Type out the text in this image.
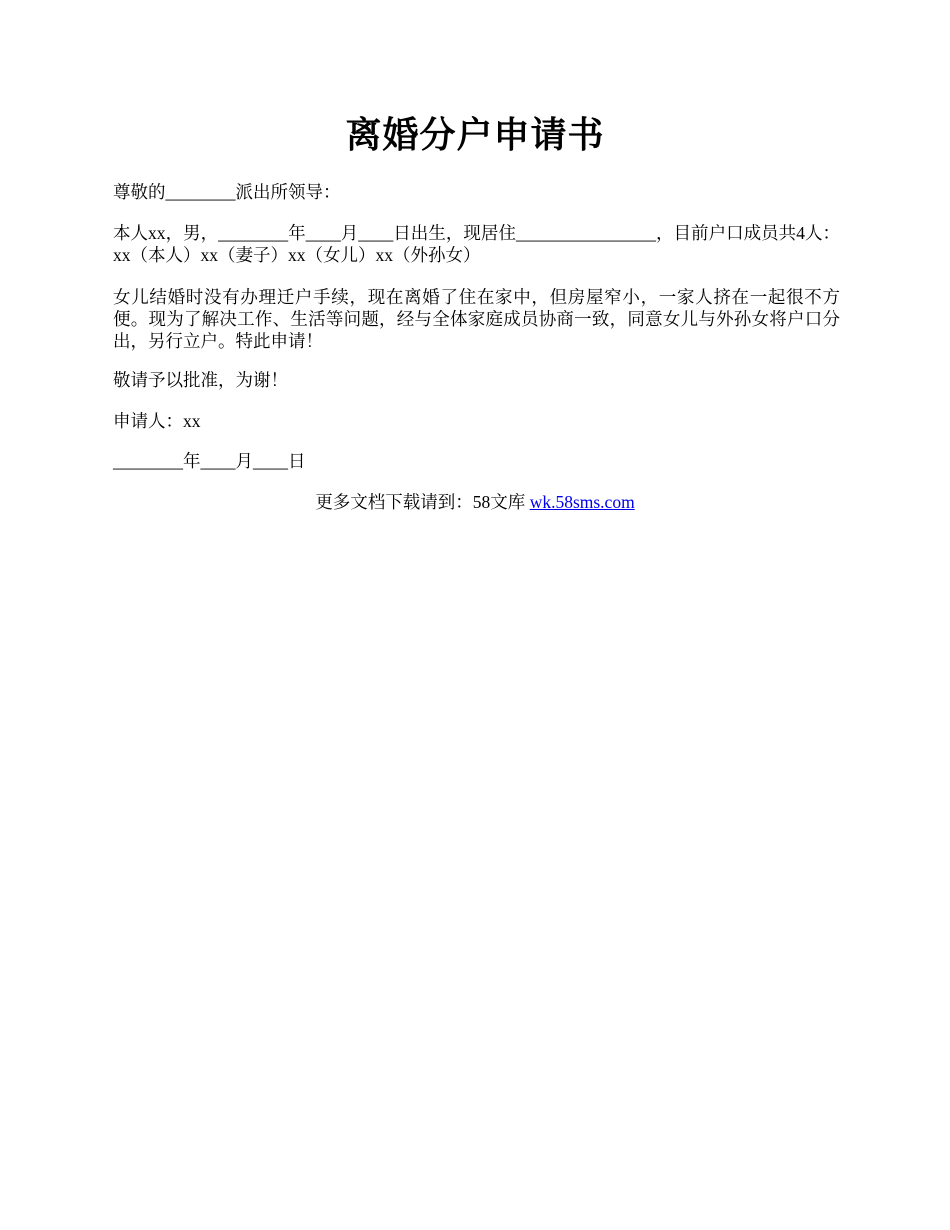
离婚分户申请书
尊敬的________派出所领导：
本人xx，男，________年____月____日出生，现居住________________，目前户口成员共4人：xx（本人）xx（妻子）xx（女儿）xx（外孙女）
女儿结婚时没有办理迁户手续，现在离婚了住在家中，但房屋窄小，一家人挤在一起很不方便。现为了解决工作、生活等问题，经与全体家庭成员协商一致，同意女儿与外孙女将户口分出，另行立户。特此申请！
敬请予以批准，为谢！
申请人：xx
________年____月____日
更多文档下载请到：58文库 wk.58sms.com
